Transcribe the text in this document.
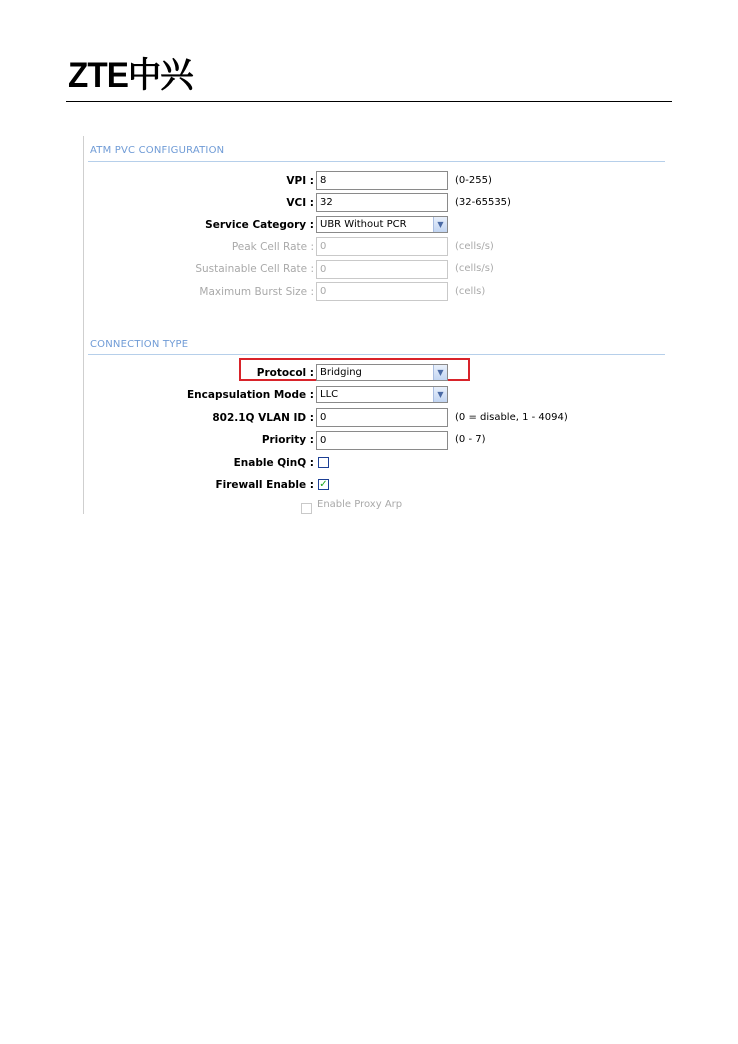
ZTE中兴
ATM PVC CONFIGURATION
VPI : 8	(0-255)
VCI : 32	(32-65535)
Service Category : UBR Without PCR	▼
Peak Cell Rate : 0	(cells/s)
Sustainable Cell Rate : 0	(cells/s)
Maximum Burst Size : 0	(cells)
CONNECTION TYPE
Protocol : Bridging	▼
Encapsulation Mode : LLC	▼
802.1Q VLAN ID : 0	(0 = disable, 1 - 4094)
Priority : 0	(0 - 7)
Enable QinQ :
Firewall Enable : ✓
Enable Proxy Arp
